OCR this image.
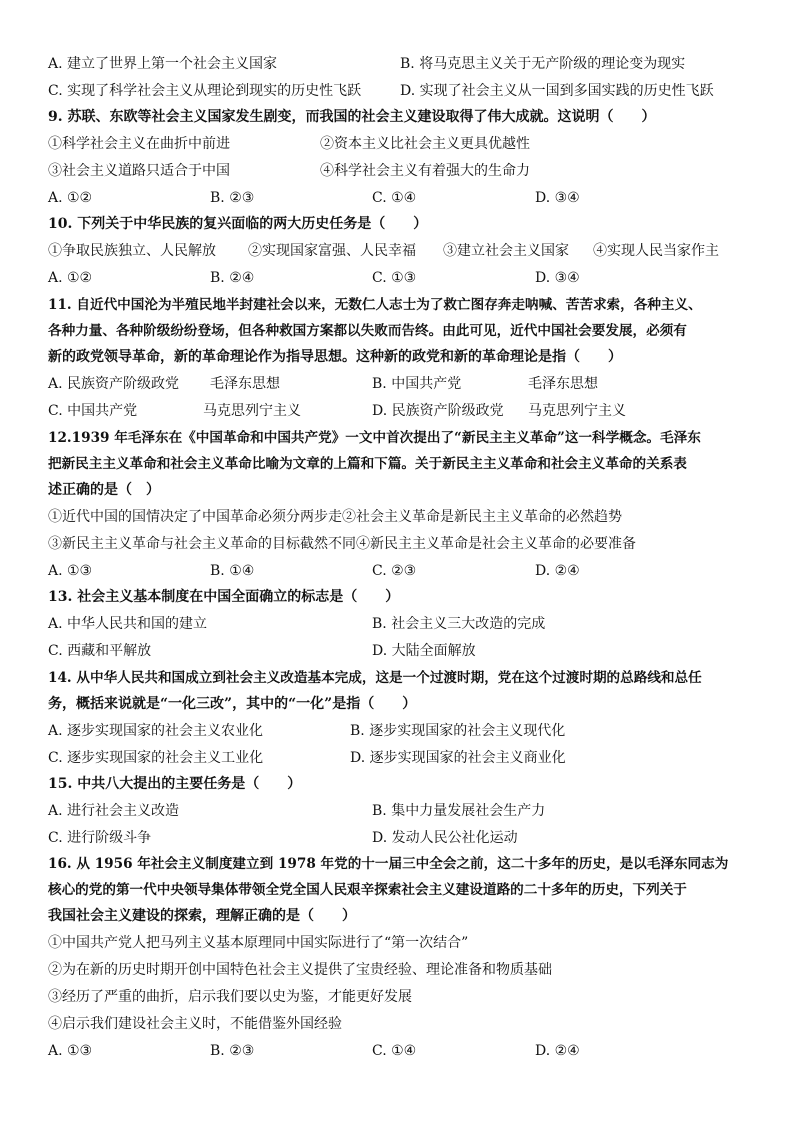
A. 建立了世界上第一个社会主义国家	B. 将马克思主义关于无产阶级的理论变为现实
C. 实现了科学社会主义从理论到现实的历史性飞跃	D. 实现了社会主义从一国到多国实践的历史性飞跃
9. 苏联、东欧等社会主义国家发生剧变，而我国的社会主义建设取得了伟大成就。这说明（　　）
①科学社会主义在曲折中前进	②资本主义比社会主义更具优越性
③社会主义道路只适合于中国	④科学社会主义有着强大的生命力
A. ①②	B. ②③	C. ①④	D. ③④
10. 下列关于中华民族的复兴面临的两大历史任务是（　　）
①争取民族独立、人民解放 ②实现国家富强、人民幸福 ③建立社会主义国家 ④实现人民当家作主
A. ①②	B. ②④	C. ①③	D. ③④
11. 自近代中国沦为半殖民地半封建社会以来，无数仁人志士为了救亡图存奔走呐喊、苦苦求索，各种主义、
各种力量、各种阶级纷纷登场，但各种救国方案都以失败而告终。由此可见，近代中国社会要发展，必须有
新的政党领导革命，新的革命理论作为指导思想。这种新的政党和新的革命理论是指（　　）
A. 民族资产阶级政党 毛泽东思想	B. 中国共产党	毛泽东思想
C. 中国共产党	马克思列宁主义	D. 民族资产阶级政党 马克思列宁主义
12.1939 年毛泽东在《中国革命和中国共产党》一文中首次提出了“新民主主义革命”这一科学概念。毛泽东
把新民主主义革命和社会主义革命比喻为文章的上篇和下篇。关于新民主主义革命和社会主义革命的关系表
述正确的是（　）
①近代中国的国情决定了中国革命必须分两步走②社会主义革命是新民主主义革命的必然趋势
③新民主主义革命与社会主义革命的目标截然不同④新民主主义革命是社会主义革命的必要准备
A. ①③	B. ①④	C. ②③	D. ②④
13. 社会主义基本制度在中国全面确立的标志是（　　）
A. 中华人民共和国的建立	B. 社会主义三大改造的完成
C. 西藏和平解放	D. 大陆全面解放
14. 从中华人民共和国成立到社会主义改造基本完成，这是一个过渡时期，党在这个过渡时期的总路线和总任
务，概括来说就是“一化三改”，其中的“一化”是指（　　）
A. 逐步实现国家的社会主义农业化	B. 逐步实现国家的社会主义现代化
C. 逐步实现国家的社会主义工业化	D. 逐步实现国家的社会主义商业化
15. 中共八大提出的主要任务是（　　）
A. 进行社会主义改造	B. 集中力量发展社会生产力
C. 进行阶级斗争	D. 发动人民公社化运动
16. 从 1956 年社会主义制度建立到 1978 年党的十一届三中全会之前，这二十多年的历史，是以毛泽东同志为
核心的党的第一代中央领导集体带领全党全国人民艰辛探索社会主义建设道路的二十多年的历史，下列关于
我国社会主义建设的探索，理解正确的是（　　）
①中国共产党人把马列主义基本原理同中国实际进行了“第一次结合”
②为在新的历史时期开创中国特色社会主义提供了宝贵经验、理论准备和物质基础
③经历了严重的曲折，启示我们要以史为鉴，才能更好发展
④启示我们建设社会主义时，不能借鉴外国经验
A. ①③	B. ②③	C. ①④	D. ②④
